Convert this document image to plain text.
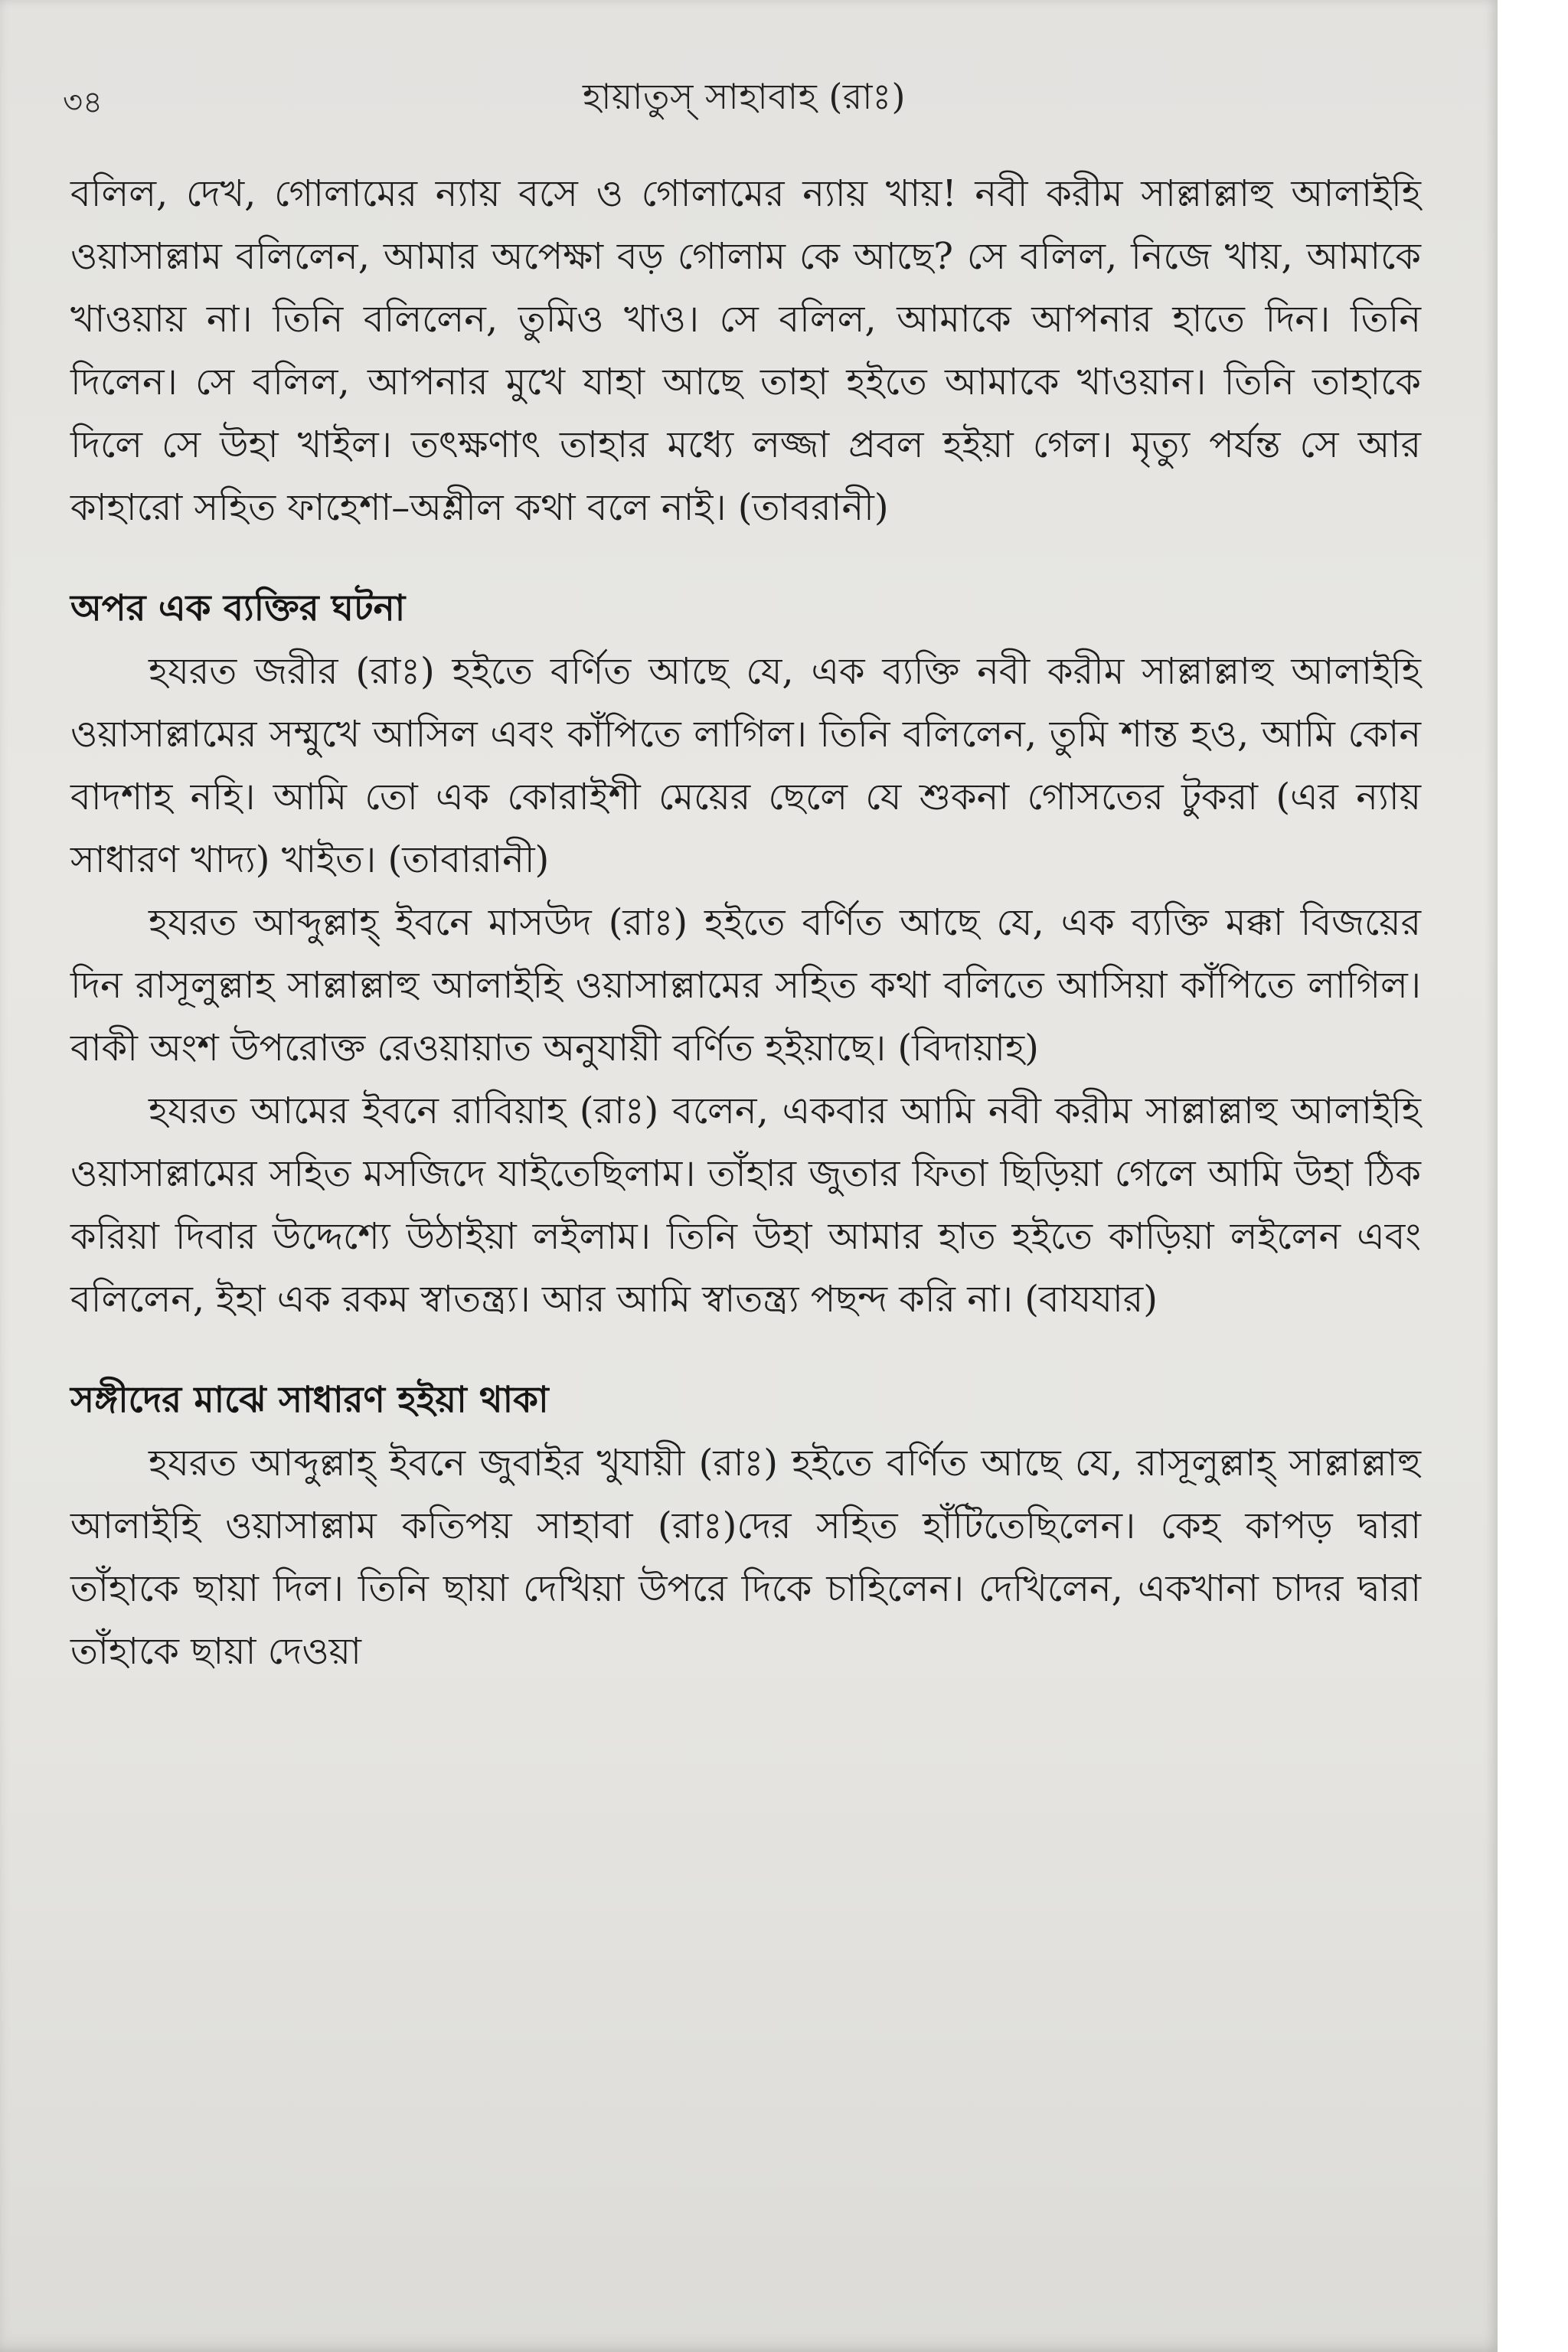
৩৪	হায়াতুস্ সাহাবাহ (রাঃ)

বলিল, দেখ, গোলামের ন্যায় বসে ও গোলামের ন্যায় খায়! নবী করীম সাল্লাল্লাহু আলাইহি ওয়াসাল্লাম বলিলেন, আমার অপেক্ষা বড় গোলাম কে আছে? সে বলিল, নিজে খায়, আমাকে খাওয়ায় না। তিনি বলিলেন, তুমিও খাও। সে বলিল, আমাকে আপনার হাতে দিন। তিনি দিলেন। সে বলিল, আপনার মুখে যাহা আছে তাহা হইতে আমাকে খাওয়ান। তিনি তাহাকে দিলে সে উহা খাইল। তৎক্ষণাৎ তাহার মধ্যে লজ্জা প্রবল হইয়া গেল। মৃত্যু পর্যন্ত সে আর কাহারো সহিত ফাহেশা–অশ্লীল কথা বলে নাই। (তাবরানী)

অপর এক ব্যক্তির ঘটনা

হযরত জরীর (রাঃ) হইতে বর্ণিত আছে যে, এক ব্যক্তি নবী করীম সাল্লাল্লাহু আলাইহি ওয়াসাল্লামের সম্মুখে আসিল এবং কাঁপিতে লাগিল। তিনি বলিলেন, তুমি শান্ত হও, আমি কোন বাদশাহ নহি। আমি তো এক কোরাইশী মেয়ের ছেলে যে শুকনা গোসতের টুকরা (এর ন্যায় সাধারণ খাদ্য) খাইত। (তাবারানী)

হযরত আব্দুল্লাহ্ ইবনে মাসউদ (রাঃ) হইতে বর্ণিত আছে যে, এক ব্যক্তি মক্কা বিজয়ের দিন রাসূলুল্লাহ সাল্লাল্লাহু আলাইহি ওয়াসাল্লামের সহিত কথা বলিতে আসিয়া কাঁপিতে লাগিল। বাকী অংশ উপরোক্ত রেওয়ায়াত অনুযায়ী বর্ণিত হইয়াছে। (বিদায়াহ)

হযরত আমের ইবনে রাবিয়াহ (রাঃ) বলেন, একবার আমি নবী করীম সাল্লাল্লাহু আলাইহি ওয়াসাল্লামের সহিত মসজিদে যাইতেছিলাম। তাঁহার জুতার ফিতা ছিড়িয়া গেলে আমি উহা ঠিক করিয়া দিবার উদ্দেশ্যে উঠাইয়া লইলাম। তিনি উহা আমার হাত হইতে কাড়িয়া লইলেন এবং বলিলেন, ইহা এক রকম স্বাতন্ত্র্য। আর আমি স্বাতন্ত্র্য পছন্দ করি না। (বাযযার)

সঙ্গীদের মাঝে সাধারণ হইয়া থাকা

হযরত আব্দুল্লাহ্ ইবনে জুবাইর খুযায়ী (রাঃ) হইতে বর্ণিত আছে যে, রাসূলুল্লাহ্ সাল্লাল্লাহু আলাইহি ওয়াসাল্লাম কতিপয় সাহাবা (রাঃ)দের সহিত হাঁটিতেছিলেন। কেহ কাপড় দ্বারা তাঁহাকে ছায়া দিল। তিনি ছায়া দেখিয়া উপরে দিকে চাহিলেন। দেখিলেন, একখানা চাদর দ্বারা তাঁহাকে ছায়া দেওয়া
